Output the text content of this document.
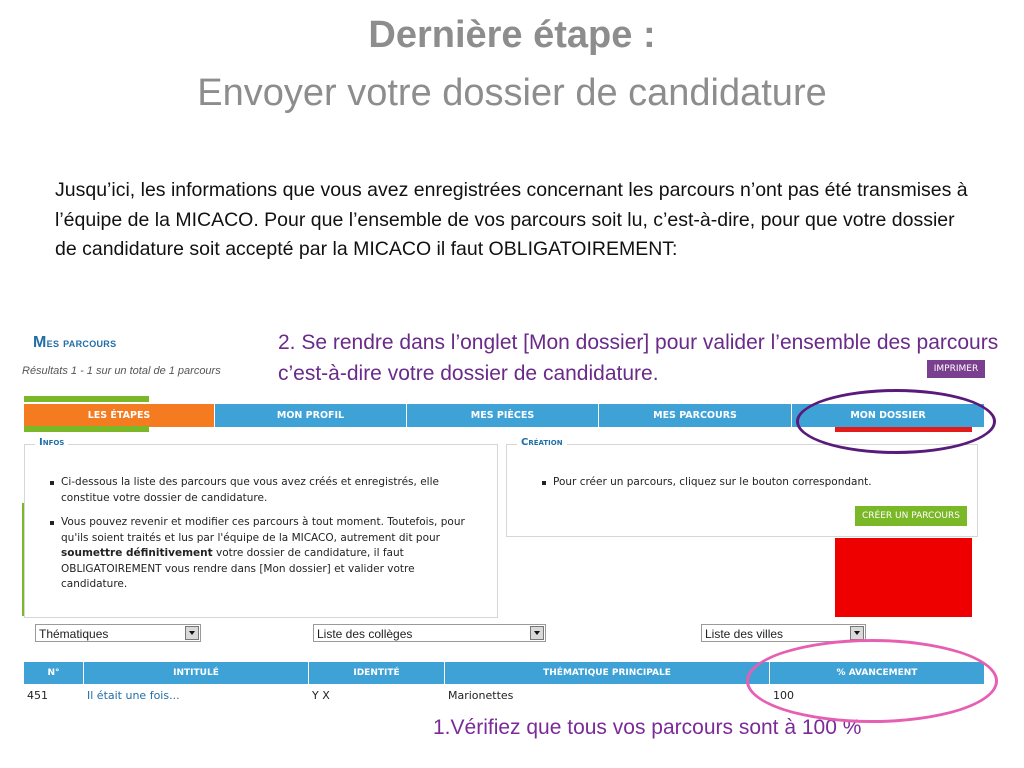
Dernière étape :
Envoyer votre dossier de candidature
Jusqu’ici, les informations que vous avez enregistrées concernant les parcours n’ont pas été transmises à l’équipe de la MICACO. Pour que l’ensemble de vos parcours soit lu, c’est-à-dire, pour que votre dossier de candidature soit accepté par la MICACO il faut OBLIGATOIREMENT:
Mes parcours
Résultats 1 - 1 sur un total de 1 parcours
2. Se rendre dans l’onglet [Mon dossier] pour valider l’ensemble des parcours c’est-à-dire votre dossier de candidature.	IMPRIMER
LES ÉTAPES	MON PROFIL	MES PIÈCES	MES PARCOURS	MON DOSSIER
Infos
Ci-dessous la liste des parcours que vous avez créés et enregistrés, elle constitue votre dossier de candidature.
Vous pouvez revenir et modifier ces parcours à tout moment. Toutefois, pour qu'ils soient traités et lus par l'équipe de la MICACO, autrement dit pour soumettre définitivement votre dossier de candidature, il faut OBLIGATOIREMENT vous rendre dans [Mon dossier] et valider votre candidature.
Création
Pour créer un parcours, cliquez sur le bouton correspondant.
CRÉER UN PARCOURS
Thématiques	Liste des collèges	Liste des villes
N°	INTITULÉ	IDENTITÉ	THÉMATIQUE PRINCIPALE	% AVANCEMENT
451	Il était une fois...	Y X	Marionettes	100
1.Vérifiez que tous vos parcours sont à 100 %
